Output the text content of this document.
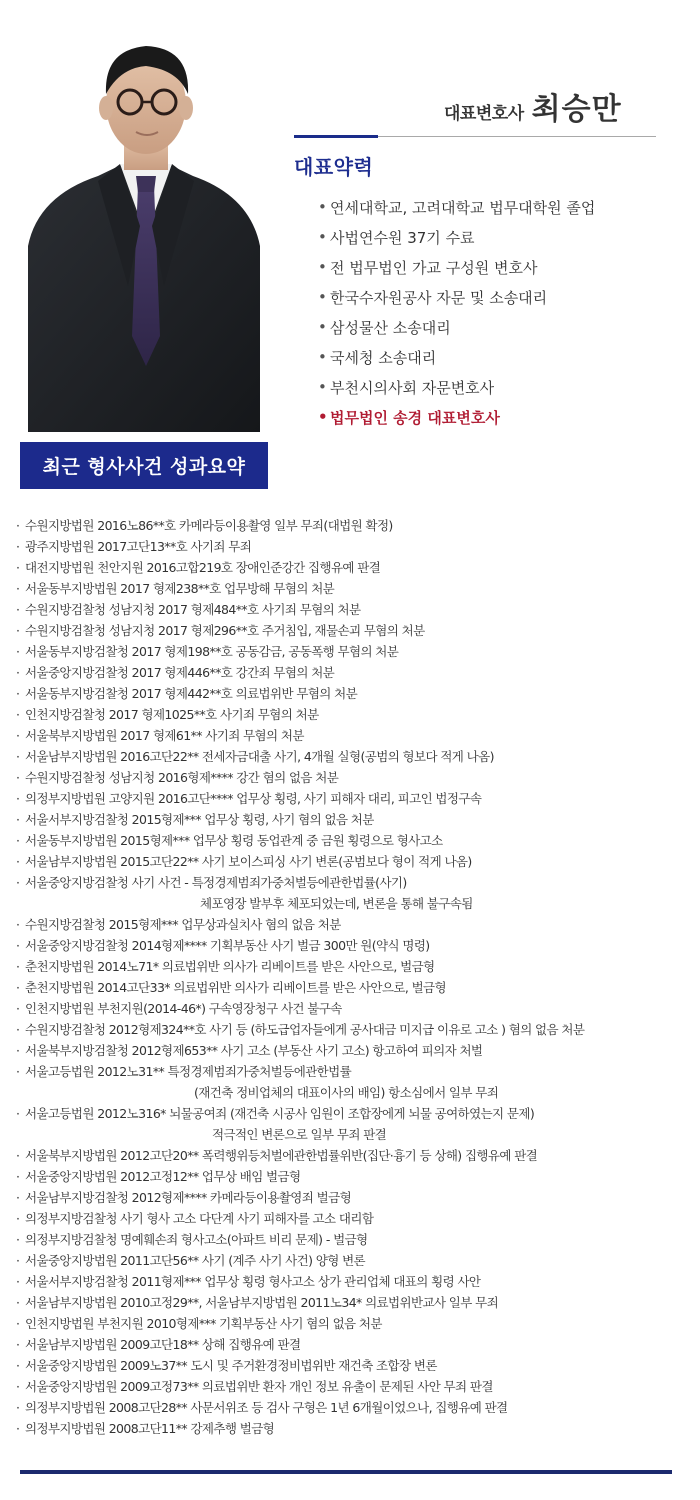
대표변호사 최승만
대표약력
• 연세대학교, 고려대학교 법무대학원 졸업
• 사법연수원 37기 수료
• 전 법무법인 가교 구성원 변호사
• 한국수자원공사 자문 및 소송대리
• 삼성물산 소송대리
• 국세청 소송대리
• 부천시의사회 자문변호사
• 법무법인 송경 대표변호사
최근 형사사건 성과요약
· 수원지방법원 2016노86**호 카메라등이용촬영 일부 무죄(대법원 확정)
· 광주지방법원 2017고단13**호 사기죄 무죄
· 대전지방법원 천안지원 2016고합219호 장애인준강간 집행유예 판결
· 서울동부지방법원 2017 형제238**호 업무방해 무혐의 처분
· 수원지방검찰청 성남지청 2017 형제484**호 사기죄 무혐의 처분
· 수원지방검찰청 성남지청 2017 형제296**호 주거침입, 재물손괴 무혐의 처분
· 서울동부지방검찰청 2017 형제198**호 공동감금, 공동폭행 무혐의 처분
· 서울중앙지방검찰청 2017 형제446**호 강간죄 무혐의 처분
· 서울동부지방검찰청 2017 형제442**호 의료법위반 무혐의 처분
· 인천지방검찰청 2017 형제1025**호 사기죄 무혐의 처분
· 서울북부지방법원 2017 형제61** 사기죄 무혐의 처분
· 서울남부지방법원 2016고단22** 전세자금대출 사기, 4개월 실형(공범의 형보다 적게 나옴)
· 수원지방검찰청 성남지청 2016형제**** 강간 혐의 없음 처분
· 의정부지방법원 고양지원 2016고단**** 업무상 횡령, 사기 피해자 대리, 피고인 법정구속
· 서울서부지방검찰청 2015형제*** 업무상 횡령, 사기 혐의 없음 처분
· 서울동부지방법원 2015형제*** 업무상 횡령 동업관계 중 금원 횡령으로 형사고소
· 서울남부지방법원 2015고단22** 사기 보이스피싱 사기 변론(공범보다 형이 적게 나옴)
· 서울중앙지방검찰청 사기 사건 - 특정경제범죄가중처벌등에관한법률(사기)
체포영장 발부후 체포되었는데, 변론을 통해 불구속됨
· 수원지방검찰청 2015형제*** 업무상과실치사 혐의 없음 처분
· 서울중앙지방검찰청 2014형제**** 기획부동산 사기 벌금 300만 원(약식 명령)
· 춘천지방법원 2014노71* 의료법위반 의사가 리베이트를 받은 사안으로, 벌금형
· 춘천지방법원 2014고단33* 의료법위반 의사가 리베이트를 받은 사안으로, 벌금형
· 인천지방법원 부천지원(2014-46*) 구속영장청구 사건 불구속
· 수원지방검찰청 2012형제324**호 사기 등 (하도급업자들에게 공사대금 미지급 이유로 고소 ) 혐의 없음 처분
· 서울북부지방검찰청 2012형제653** 사기 고소 (부동산 사기 고소) 항고하여 피의자 처벌
· 서울고등법원 2012노31** 특정경제범죄가중처벌등에관한법률
(재건축 정비업체의 대표이사의 배임) 항소심에서 일부 무죄
· 서울고등법원 2012노316* 뇌물공여죄 (재건축 시공사 임원이 조합장에게 뇌물 공여하였는지 문제)
적극적인 변론으로 일부 무죄 판결
· 서울북부지방법원 2012고단20** 폭력행위등처벌에관한법률위반(집단·흉기 등 상해) 집행유예 판결
· 서울중앙지방법원 2012고정12** 업무상 배임 벌금형
· 서울남부지방검찰청 2012형제**** 카메라등이용촬영죄 벌금형
· 의정부지방검찰청 사기 형사 고소 다단계 사기 피해자를 고소 대리함
· 의정부지방검찰청 명예훼손죄 형사고소(아파트 비리 문제) - 벌금형
· 서울중앙지방법원 2011고단56** 사기 (계주 사기 사건) 양형 변론
· 서울서부지방검찰청 2011형제*** 업무상 횡령 형사고소 상가 관리업체 대표의 횡령 사안
· 서울남부지방법원 2010고정29**, 서울남부지방법원 2011노34* 의료법위반교사 일부 무죄
· 인천지방법원 부천지원 2010형제*** 기획부동산 사기 혐의 없음 처분
· 서울남부지방법원 2009고단18** 상해 집행유예 판결
· 서울중앙지방법원 2009노37** 도시 및 주거환경정비법위반 재건축 조합장 변론
· 서울중앙지방법원 2009고정73** 의료법위반 환자 개인 정보 유출이 문제된 사안 무죄 판결
· 의정부지방법원 2008고단28** 사문서위조 등 검사 구형은 1년 6개월이었으나, 집행유예 판결
· 의정부지방법원 2008고단11** 강제추행 벌금형
